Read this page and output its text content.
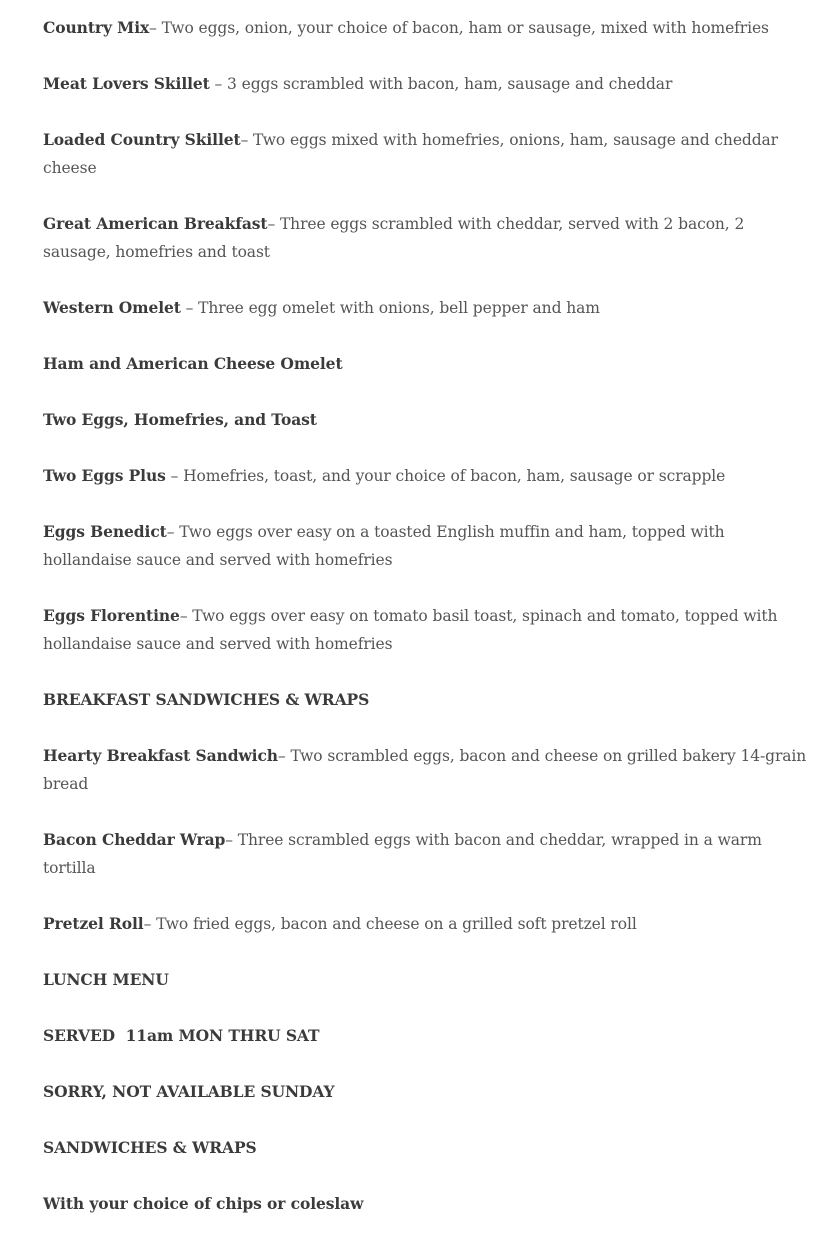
Country Mix– Two eggs, onion, your choice of bacon, ham or sausage, mixed with homefries

Meat Lovers Skillet – 3 eggs scrambled with bacon, ham, sausage and cheddar

Loaded Country Skillet– Two eggs mixed with homefries, onions, ham, sausage and cheddar cheese

Great American Breakfast– Three eggs scrambled with cheddar, served with 2 bacon, 2 sausage, homefries and toast

Western Omelet – Three egg omelet with onions, bell pepper and ham

Ham and American Cheese Omelet

Two Eggs, Homefries, and Toast

Two Eggs Plus – Homefries, toast, and your choice of bacon, ham, sausage or scrapple

Eggs Benedict– Two eggs over easy on a toasted English muffin and ham, topped with hollandaise sauce and served with homefries

Eggs Florentine– Two eggs over easy on tomato basil toast, spinach and tomato, topped with hollandaise sauce and served with homefries

BREAKFAST SANDWICHES & WRAPS

Hearty Breakfast Sandwich– Two scrambled eggs, bacon and cheese on grilled bakery 14-grain bread

Bacon Cheddar Wrap– Three scrambled eggs with bacon and cheddar, wrapped in a warm tortilla

Pretzel Roll– Two fried eggs, bacon and cheese on a grilled soft pretzel roll

LUNCH MENU

SERVED  11am MON THRU SAT

SORRY, NOT AVAILABLE SUNDAY

SANDWICHES & WRAPS

With your choice of chips or coleslaw
